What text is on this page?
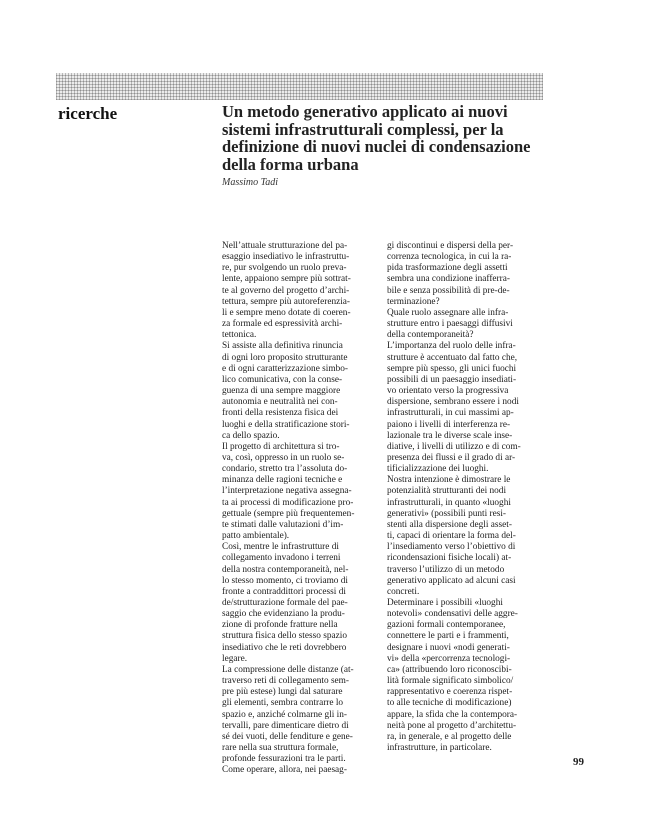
ricerche	Un metodo generativo applicato ai nuovi sistemi infrastrutturali complessi, per la definizione di nuovi nuclei di condensazione della forma urbana
Massimo Tadi

Nell’attuale strutturazione del pa-

esaggio insediativo le infrastruttu-

re, pur svolgendo un ruolo preva-

lente, appaiono sempre più sottrat-

te al governo del progetto d’archi-

tettura, sempre più autoreferenzia-

li e sempre meno dotate di coeren-

za formale ed espressività archi-

tettonica.

Si assiste alla definitiva rinuncia

di ogni loro proposito strutturante

e di ogni caratterizzazione simbo-

lico comunicativa, con la conse-

guenza di una sempre maggiore

autonomia e neutralità nei con-

fronti della resistenza fisica dei

luoghi e della stratificazione stori-

ca dello spazio.

Il progetto di architettura si tro-

va, così, oppresso in un ruolo se-

condario, stretto tra l’assoluta do-

minanza delle ragioni tecniche e

l’interpretazione negativa assegna-

ta ai processi di modificazione pro-

gettuale (sempre più frequentemen-

te stimati dalle valutazioni d’im-

patto ambientale).

Così, mentre le infrastrutture di

collegamento invadono i terreni

della nostra contemporaneità, nel-

lo stesso momento, ci troviamo di

fronte a contraddittori processi di

de/strutturazione formale del pae-

saggio che evidenziano la produ-

zione di profonde fratture nella

struttura fisica dello stesso spazio

insediativo che le reti dovrebbero

legare.

La compressione delle distanze (at-

traverso reti di collegamento sem-

pre più estese) lungi dal saturare

gli elementi, sembra contrarre lo

spazio e, anziché colmarne gli in-

tervalli, pare dimenticare dietro di

sé dei vuoti, delle fenditure e gene-

rare nella sua struttura formale,

profonde fessurazioni tra le parti.

Come operare, allora, nei paesag-

gi discontinui e dispersi della per-

correnza tecnologica, in cui la ra-

pida trasformazione degli assetti

sembra una condizione inafferra-

bile e senza possibilità di pre-de-

terminazione?

Quale ruolo assegnare alle infra-

strutture entro i paesaggi diffusivi

della contemporaneità?

L’importanza del ruolo delle infra-

strutture è accentuato dal fatto che,

sempre più spesso, gli unici fuochi

possibili di un paesaggio insediati-

vo orientato verso la progressiva

dispersione, sembrano essere i nodi

infrastrutturali, in cui massimi ap-

paiono i livelli di interferenza re-

lazionale tra le diverse scale inse-

diative, i livelli di utilizzo e di com-

presenza dei flussi e il grado di ar-

tificializzazione dei luoghi.

Nostra intenzione è dimostrare le

potenzialità strutturanti dei nodi

infrastrutturali, in quanto «luoghi

generativi» (possibili punti resi-

stenti alla dispersione degli asset-

ti, capaci di orientare la forma del-

l’insediamento verso l’obiettivo di

ricondensazioni fisiche locali) at-

traverso l’utilizzo di un metodo

generativo applicato ad alcuni casi

concreti.

Determinare i possibili «luoghi

notevoli» condensativi delle aggre-

gazioni formali contemporanee,

connettere le parti e i frammenti,

designare i nuovi «nodi generati-

vi» della «percorrenza tecnologi-

ca» (attribuendo loro riconoscibi-

lità formale significato simbolico/

rappresentativo e coerenza rispet-

to alle tecniche di modificazione)

appare, la sfida che la contempora-

neità pone al progetto d’architettu-

ra, in generale, e al progetto delle

infrastrutture, in particolare.

99
